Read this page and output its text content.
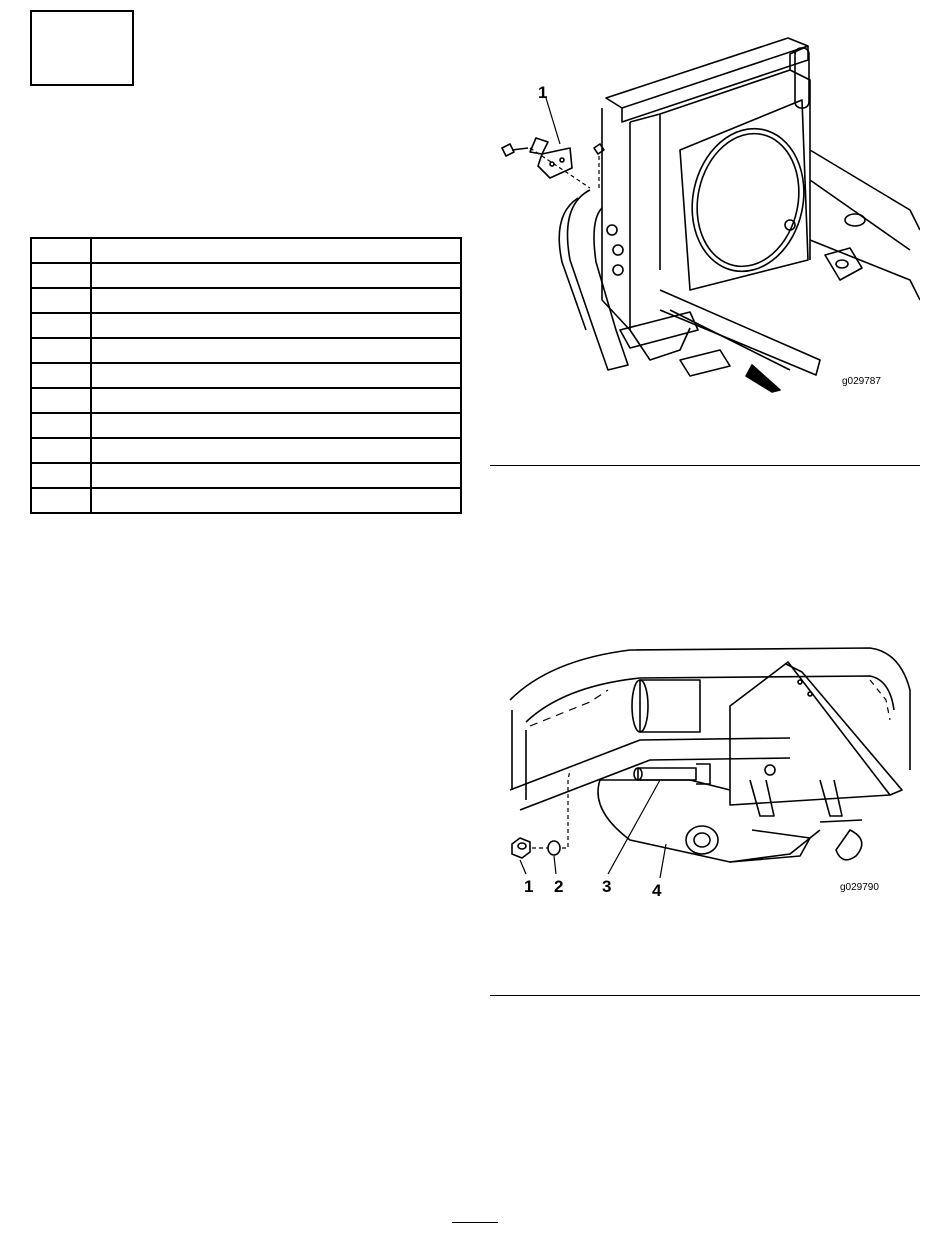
1
g029787
1 2 3 4	g029790
